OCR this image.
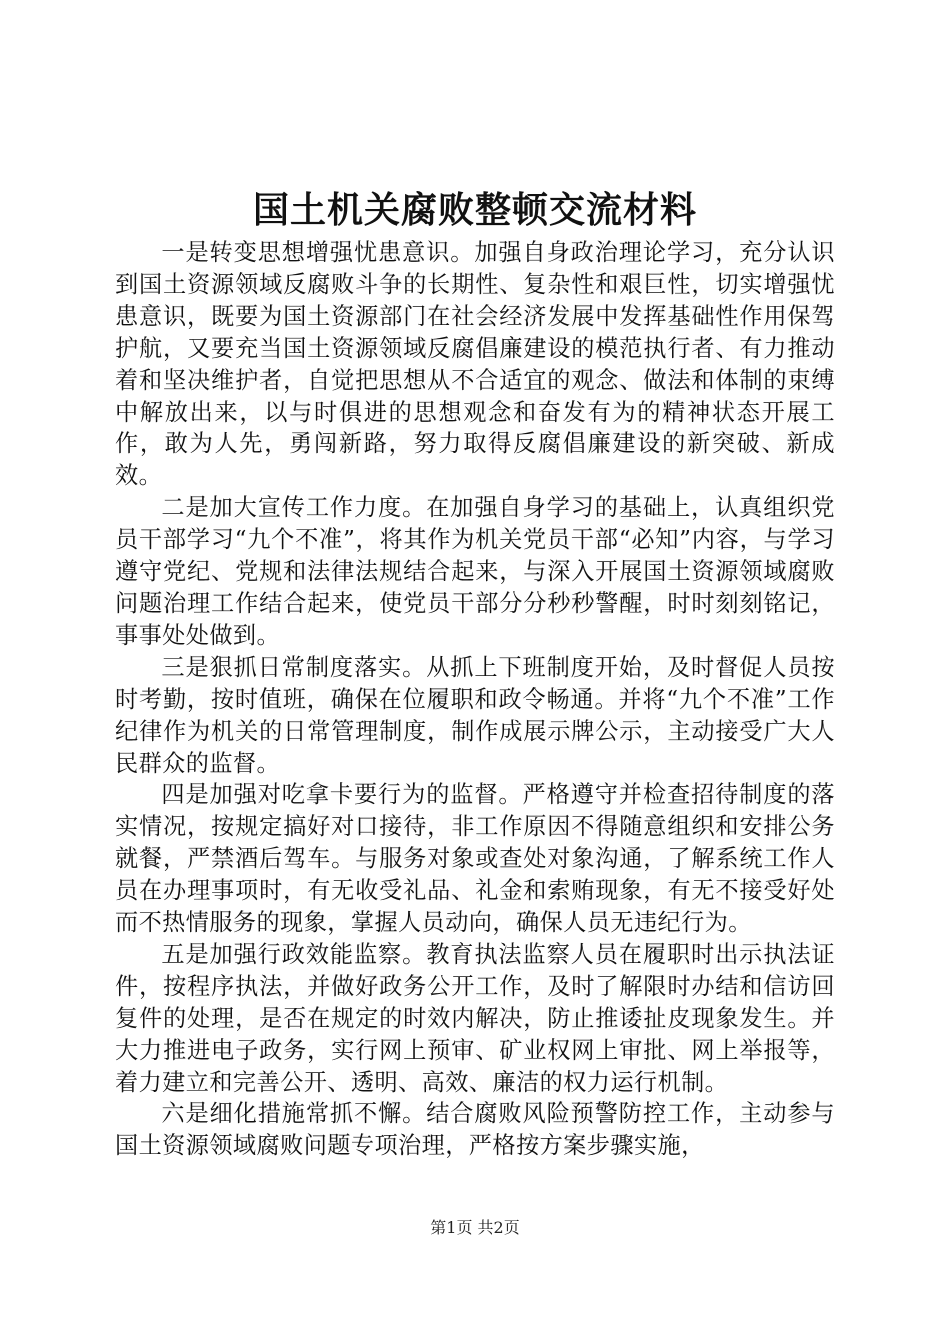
国土机关腐败整顿交流材料

一是转变思想增强忧患意识。加强自身政治理论学习，充分认识到国土资源领域反腐败斗争的长期性、复杂性和艰巨性，切实增强忧患意识，既要为国土资源部门在社会经济发展中发挥基础性作用保驾护航，又要充当国土资源领域反腐倡廉建设的模范执行者、有力推动着和坚决维护者，自觉把思想从不合适宜的观念、做法和体制的束缚中解放出来，以与时俱进的思想观念和奋发有为的精神状态开展工作，敢为人先，勇闯新路，努力取得反腐倡廉建设的新突破、新成效。

二是加大宣传工作力度。在加强自身学习的基础上，认真组织党员干部学习“九个不准”，将其作为机关党员干部“必知”内容，与学习遵守党纪、党规和法律法规结合起来，与深入开展国土资源领域腐败问题治理工作结合起来，使党员干部分分秒秒警醒，时时刻刻铭记，事事处处做到。

三是狠抓日常制度落实。从抓上下班制度开始，及时督促人员按时考勤，按时值班，确保在位履职和政令畅通。并将“九个不准”工作纪律作为机关的日常管理制度，制作成展示牌公示，主动接受广大人民群众的监督。

四是加强对吃拿卡要行为的监督。严格遵守并检查招待制度的落实情况，按规定搞好对口接待，非工作原因不得随意组织和安排公务就餐，严禁酒后驾车。与服务对象或查处对象沟通，了解系统工作人员在办理事项时，有无收受礼品、礼金和索贿现象，有无不接受好处而不热情服务的现象，掌握人员动向，确保人员无违纪行为。

五是加强行政效能监察。教育执法监察人员在履职时出示执法证件，按程序执法，并做好政务公开工作，及时了解限时办结和信访回复件的处理，是否在规定的时效内解决，防止推诿扯皮现象发生。并大力推进电子政务，实行网上预审、矿业权网上审批、网上举报等，着力建立和完善公开、透明、高效、廉洁的权力运行机制。

六是细化措施常抓不懈。结合腐败风险预警防控工作，主动参与国土资源领域腐败问题专项治理，严格按方案步骤实施，

第1页 共2页
